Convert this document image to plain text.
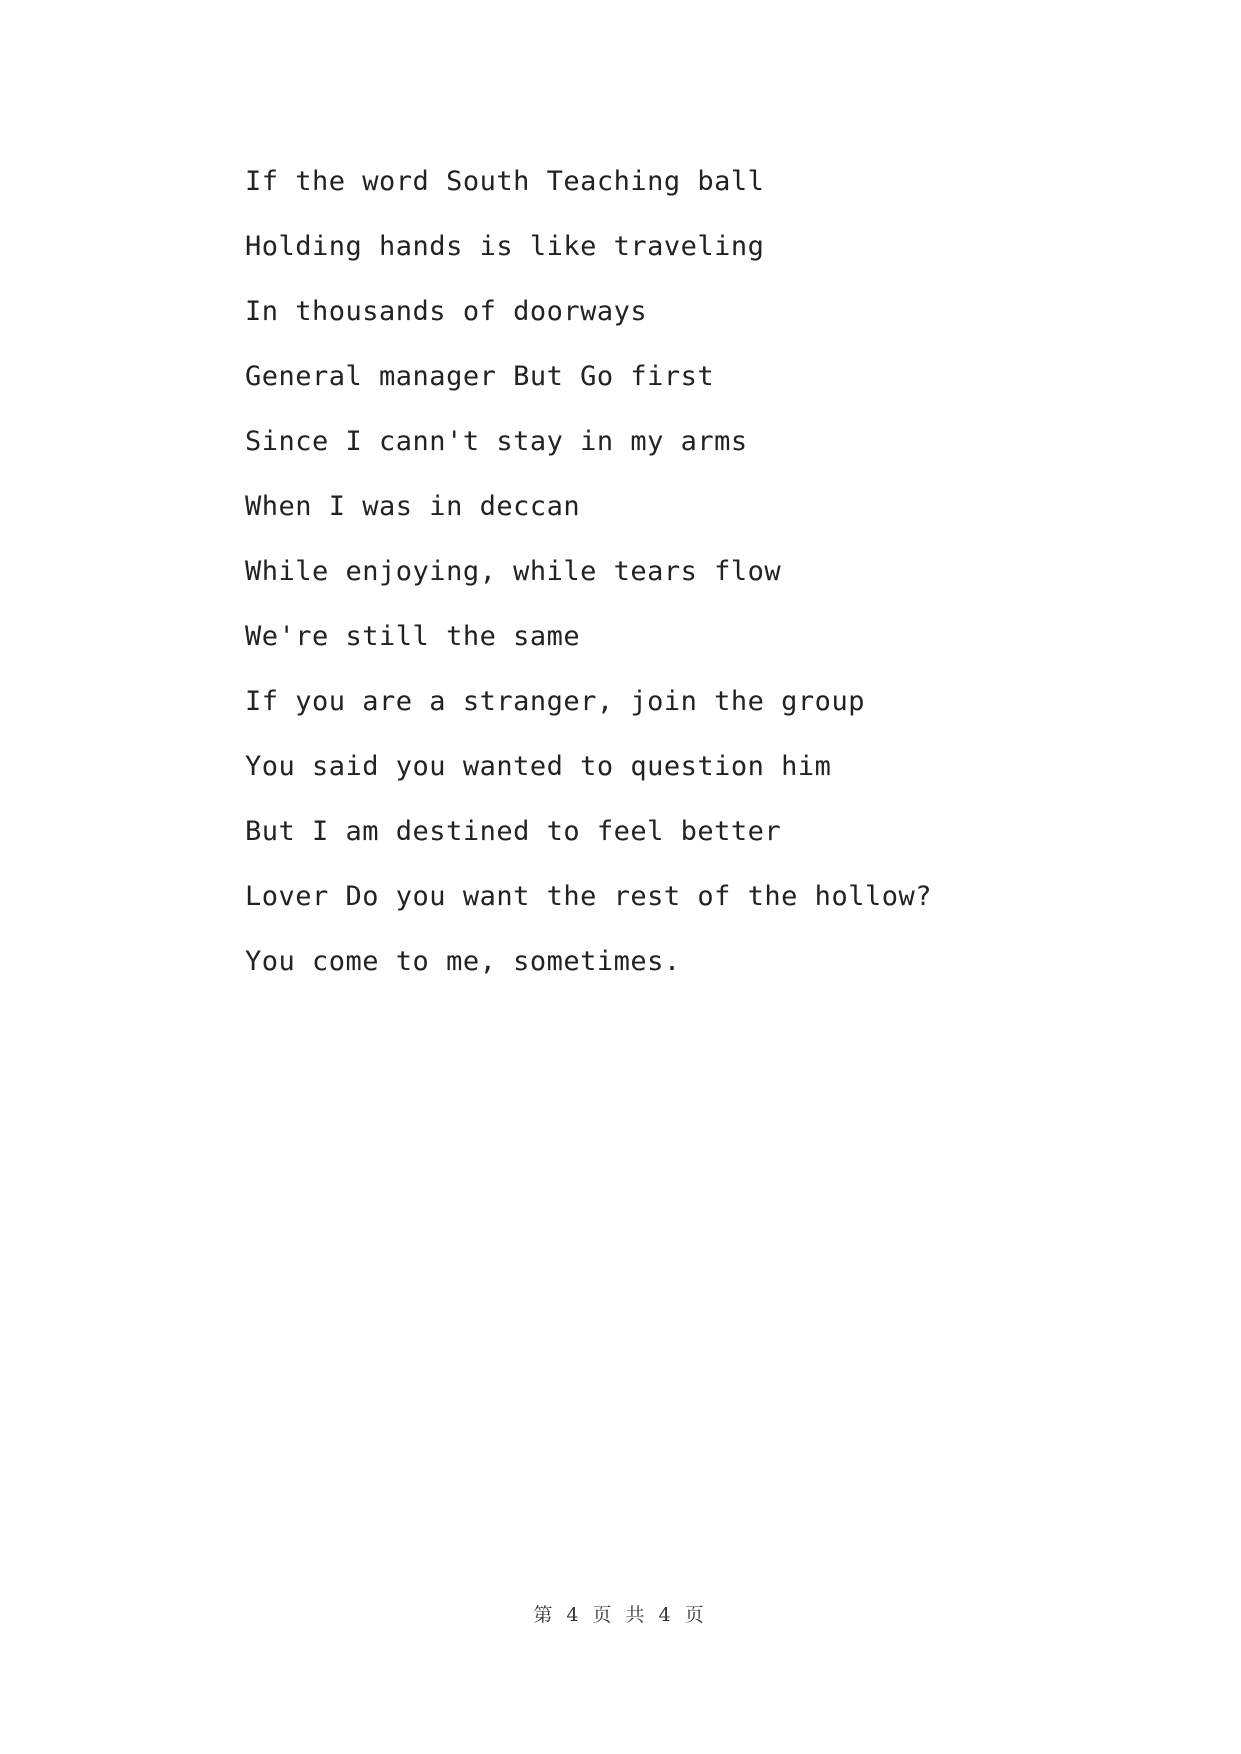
If the word South Teaching ball
Holding hands is like traveling
In thousands of doorways
General manager But Go first
Since I cann't stay in my arms
When I was in deccan
While enjoying, while tears flow
We're still the same
If you are a stranger, join the group
You said you wanted to question him
But I am destined to feel better
Lover Do you want the rest of the hollow?
You come to me, sometimes.
第 4 页 共 4 页
